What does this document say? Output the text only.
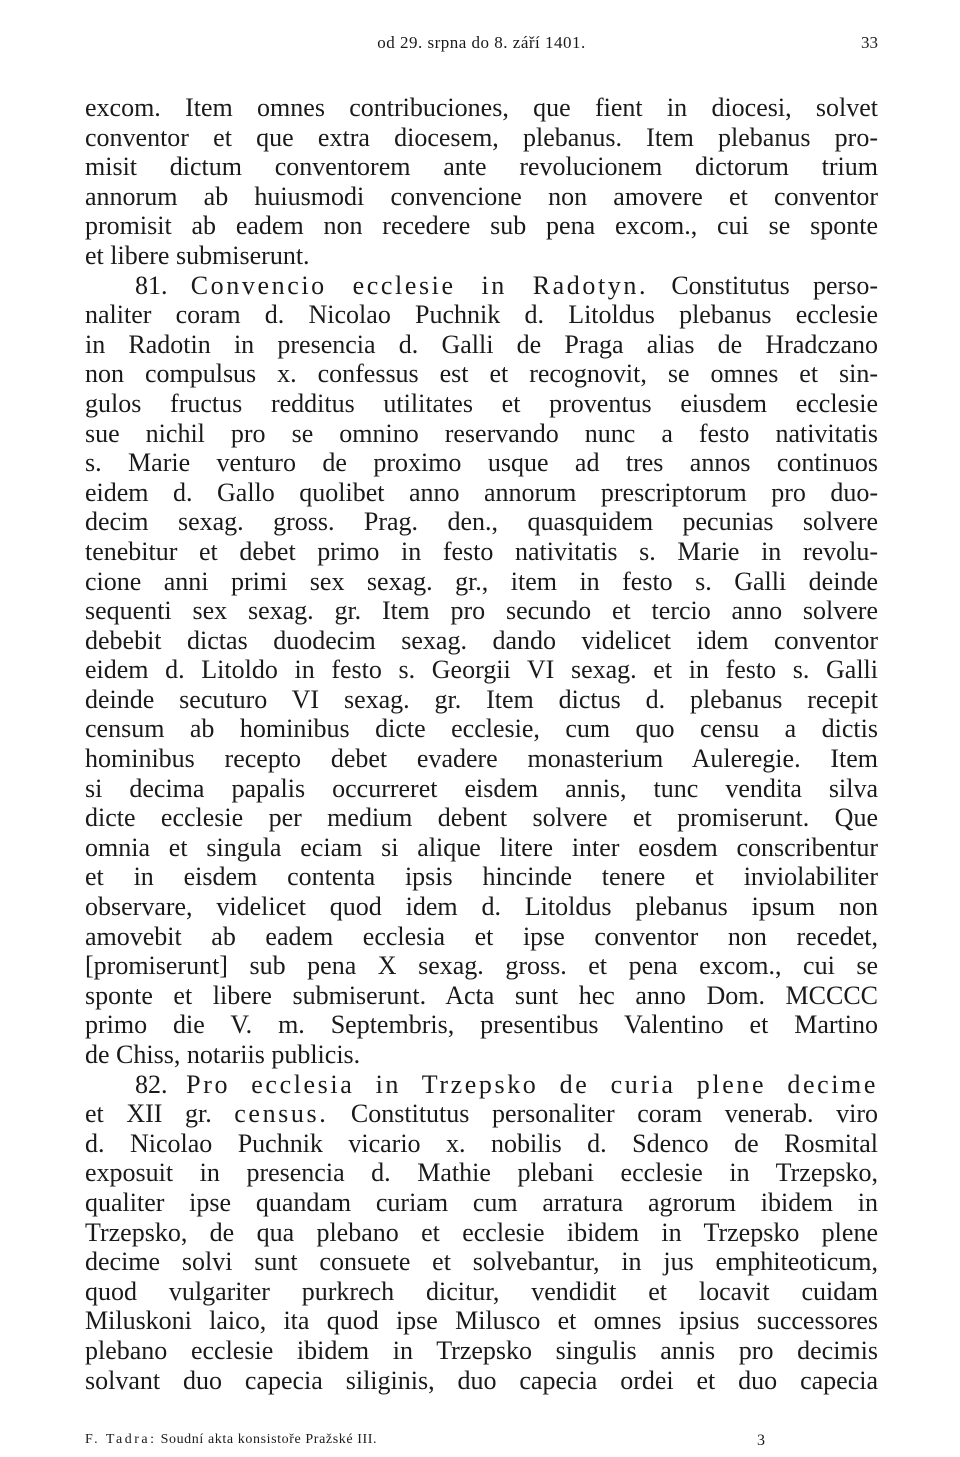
od 29. srpna do 8. září 1401.	33
excom. Item omnes contribuciones, que fient in diocesi, solvet
conventor et que extra diocesem, plebanus. Item plebanus pro-
misit dictum conventorem ante revolucionem dictorum trium
annorum ab huiusmodi convencione non amovere et conventor
promisit ab eadem non recedere sub pena excom., cui se sponte
et libere submiserunt.
81. Convencio ecclesie in Radotyn. Constitutus perso-
naliter coram d. Nicolao Puchnik d. Litoldus plebanus ecclesie
in Radotin in presencia d. Galli de Praga alias de Hradczano
non compulsus x. confessus est et recognovit, se omnes et sin-
gulos fructus redditus utilitates et proventus eiusdem ecclesie
sue nichil pro se omnino reservando nunc a festo nativitatis
s. Marie venturo de proximo usque ad tres annos continuos
eidem d. Gallo quolibet anno annorum prescriptorum pro duo-
decim sexag. gross. Prag. den., quasquidem pecunias solvere
tenebitur et debet primo in festo nativitatis s. Marie in revolu-
cione anni primi sex sexag. gr., item in festo s. Galli deinde
sequenti sex sexag. gr. Item pro secundo et tercio anno solvere
debebit dictas duodecim sexag. dando videlicet idem conventor
eidem d. Litoldo in festo s. Georgii VI sexag. et in festo s. Galli
deinde secuturo VI sexag. gr. Item dictus d. plebanus recepit
censum ab hominibus dicte ecclesie, cum quo censu a dictis
hominibus recepto debet evadere monasterium Auleregie. Item
si decima papalis occurreret eisdem annis, tunc vendita silva
dicte ecclesie per medium debent solvere et promiserunt. Que
omnia et singula eciam si alique litere inter eosdem conscribentur
et in eisdem contenta ipsis hincinde tenere et inviolabiliter
observare, videlicet quod idem d. Litoldus plebanus ipsum non
amovebit ab eadem ecclesia et ipse conventor non recedet,
[promiserunt] sub pena X sexag. gross. et pena excom., cui se
sponte et libere submiserunt. Acta sunt hec anno Dom. MCCCC
primo die V. m. Septembris, presentibus Valentino et Martino
de Chiss, notariis publicis.
82. Pro ecclesia in Trzepsko de curia plene decime
et XII gr. census. Constitutus personaliter coram venerab. viro
d. Nicolao Puchnik vicario x. nobilis d. Sdenco de Rosmital
exposuit in presencia d. Mathie plebani ecclesie in Trzepsko,
qualiter ipse quandam curiam cum arratura agrorum ibidem in
Trzepsko, de qua plebano et ecclesie ibidem in Trzepsko plene
decime solvi sunt consuete et solvebantur, in jus emphiteoticum,
quod vulgariter purkrech dicitur, vendidit et locavit cuidam
Miluskoni laico, ita quod ipse Milusco et omnes ipsius successores
plebano ecclesie ibidem in Trzepsko singulis annis pro decimis
solvant duo capecia siliginis, duo capecia ordei et duo capecia
F. Tadra: Soudní akta konsistoře Pražské III.	3
